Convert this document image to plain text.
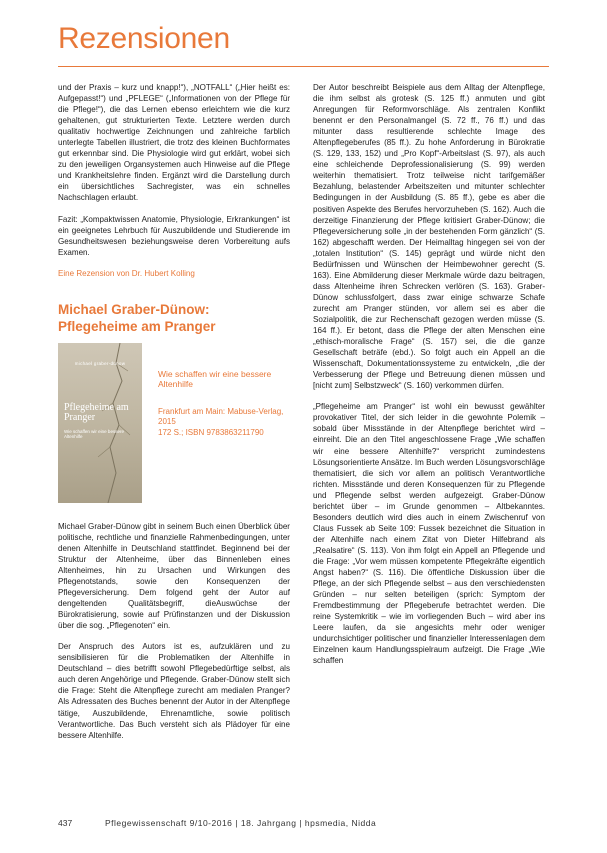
Rezensionen

und der Praxis – kurz und knapp!“), „NOTFALL“ („Hier heißt es: Aufgepasst!“) und „PFLEGE“ („Informationen von der Pflege für die Pflege!“), die das Lernen ebenso erleichtern wie die kurz gehaltenen, gut strukturierten Texte. Letztere werden durch qualitativ hochwertige Zeichnungen und zahlreiche farblich unterlegte Tabellen illustriert, die trotz des kleinen Buchformates gut erkennbar sind. Die Physiologie wird gut erklärt, wobei sich zu den jeweiligen Organsystemen auch Hinweise auf die Pflege und Krankheitslehre finden. Ergänzt wird die Darstellung durch ein übersichtliches Sachregister, was ein schnelles Nachschlagen erlaubt.

Fazit: „Kompaktwissen Anatomie, Physiologie, Erkrankungen“ ist ein geeignetes Lehrbuch für Auszubildende und Studierende im Gesundheitswesen beziehungsweise deren Vorbereitung aufs Examen.

Eine Rezension von Dr. Hubert Kolling

Michael Graber-Dünow: Pflegeheime am Pranger
michael graber-dünow
Pflegeheime am Pranger
Wie schaffen wir eine bessere Altenhilfe
Wie schaffen wir eine bessere Altenhilfe
Frankfurt am Main: Mabuse-Verlag, 2015
172 S.; ISBN 9783863211790

Michael Graber-Dünow gibt in seinem Buch einen Überblick über politische, rechtliche und finanzielle Rahmenbedingungen, unter denen Altenhilfe in Deutschland stattfindet. Beginnend bei der Struktur der Altenheime, über das Binnenleben eines Altenheimes, hin zu Ursachen und Wirkungen des Pflegenotstands, sowie den Konsequenzen der Pflegeversicherung. Dem folgend geht der Autor auf dengeltenden Qualitätsbegriff, dieAuswüchse der Bürokratisierung, sowie auf Prüfinstanzen und der Diskussion über die sog. „Pflegenoten“ ein.

Der Anspruch des Autors ist es, aufzuklären und zu sensibilisieren für die Problematiken der Altenhilfe in Deutschland – dies betrifft sowohl Pflegebedürftige selbst, als auch deren Angehörige und Pflegende. Graber-Dünow stellt sich die Frage: Steht die Altenpflege zurecht am medialen Pranger? Als Adressaten des Buches benennt der Autor in der Altenpflege tätige, Auszubildende, Ehrenamtliche, sowie politisch Verantwortliche. Das Buch versteht sich als Plädoyer für eine bessere Altenhilfe.

Der Autor beschreibt Beispiele aus dem Alltag der Altenpflege, die ihm selbst als grotesk (S. 125 ff.) anmuten und gibt Anregungen für Reformvorschläge. Als zentralen Konflikt benennt er den Personalmangel (S. 72 ff., 76 ff.) und das mitunter dass resultierende schlechte Image des Altenpflegeberufes (85 ff.). Zu hohe Anforderung in Bürokratie (S. 129, 133, 152) und „Pro Kopf“-Arbeitslast (S. 97), als auch eine schleichende Deprofessionalisierung (S. 99) werden weiterhin thematisiert. Trotz teilweise nicht tarifgemäßer Bezahlung, belastender Arbeitszeiten und mitunter schlechter Bedingungen in der Ausbildung (S. 85 ff.), gebe es aber die positiven Aspekte des Berufes hervorzuheben (S. 162). Auch die derzeitige Finanzierung der Pflege kritisiert Graber-Dünow; die Pflegeversicherung solle „in der bestehenden Form gänzlich“ (S. 162) abgeschafft werden. Der Heimalltag hingegen sei von der „totalen Institution“ (S. 145) geprägt und würde nicht den Bedürfnissen und Wünschen der Heimbewohner gerecht (S. 163). Eine Abmilderung dieser Merkmale würde dazu beitragen, dass Altenheime ihren Schrecken verlören (S. 163). Graber-Dünow schlussfolgert, dass zwar einige schwarze Schafe zurecht am Pranger stünden, vor allem sei es aber die Sozialpolitik, die zur Rechenschaft gezogen werden müsse (S. 164 ff.). Er betont, dass die Pflege der alten Menschen eine „ethisch-moralische Frage“ (S. 157) sei, die die ganze Gesellschaft beträfe (ebd.). So folgt auch ein Appell an die Wissenschaft, Dokumentationssysteme zu entwickeln, „die der Verbesserung der Pflege und Betreuung dienen müssen und [nicht zum] Selbstzweck“ (S. 160) verkommen dürfen.

„Pflegeheime am Pranger“ ist wohl ein bewusst gewählter provokativer Titel, der sich leider in die gewohnte Polemik – sobald über Missstände in der Altenpflege berichtet wird – einreiht. Die an den Titel angeschlossene Frage „Wie schaffen wir eine bessere Altenhilfe?“ verspricht zumindestens Lösungsorientierte Ansätze. Im Buch werden Lösungsvorschläge thematisiert, die sich vor allem an politisch Verantwortliche richten. Missstände und deren Konsequenzen für zu Pflegende und Pflegende selbst werden aufgezeigt. Graber-Dünow berichtet über – im Grunde genommen – Altbekanntes. Besonders deutlich wird dies auch in einem Zwischenruf von Claus Fussek ab Seite 109: Fussek bezeichnet die Situation in der Altenhilfe nach einem Zitat von Dieter Hilfebrand als „Realsatire“ (S. 113). Von ihm folgt ein Appell an Pflegende und die Frage: „Vor wem müssen kompetente Pflegekräfte eigentlich Angst haben?“ (S. 116). Die öffentliche Diskussion über die Pflege, an der sich Pflegende selbst – aus den verschiedensten Gründen – nur selten beteiligen (sprich: Symptom der Fremdbestimmung der Pflegeberufe betrachtet werden. Die reine Systemkritik – wie im vorliegenden Buch – wird aber ins Leere laufen, da sie angesichts mehr oder weniger undurchsichtiger politischer und finanzieller Interessenlagen dem Einzelnen kaum Handlungsspielraum aufzeigt. Die Frage „Wie schaffen

437	Pflegewissenschaft 9/10-2016 | 18. Jahrgang | hpsmedia, Nidda
